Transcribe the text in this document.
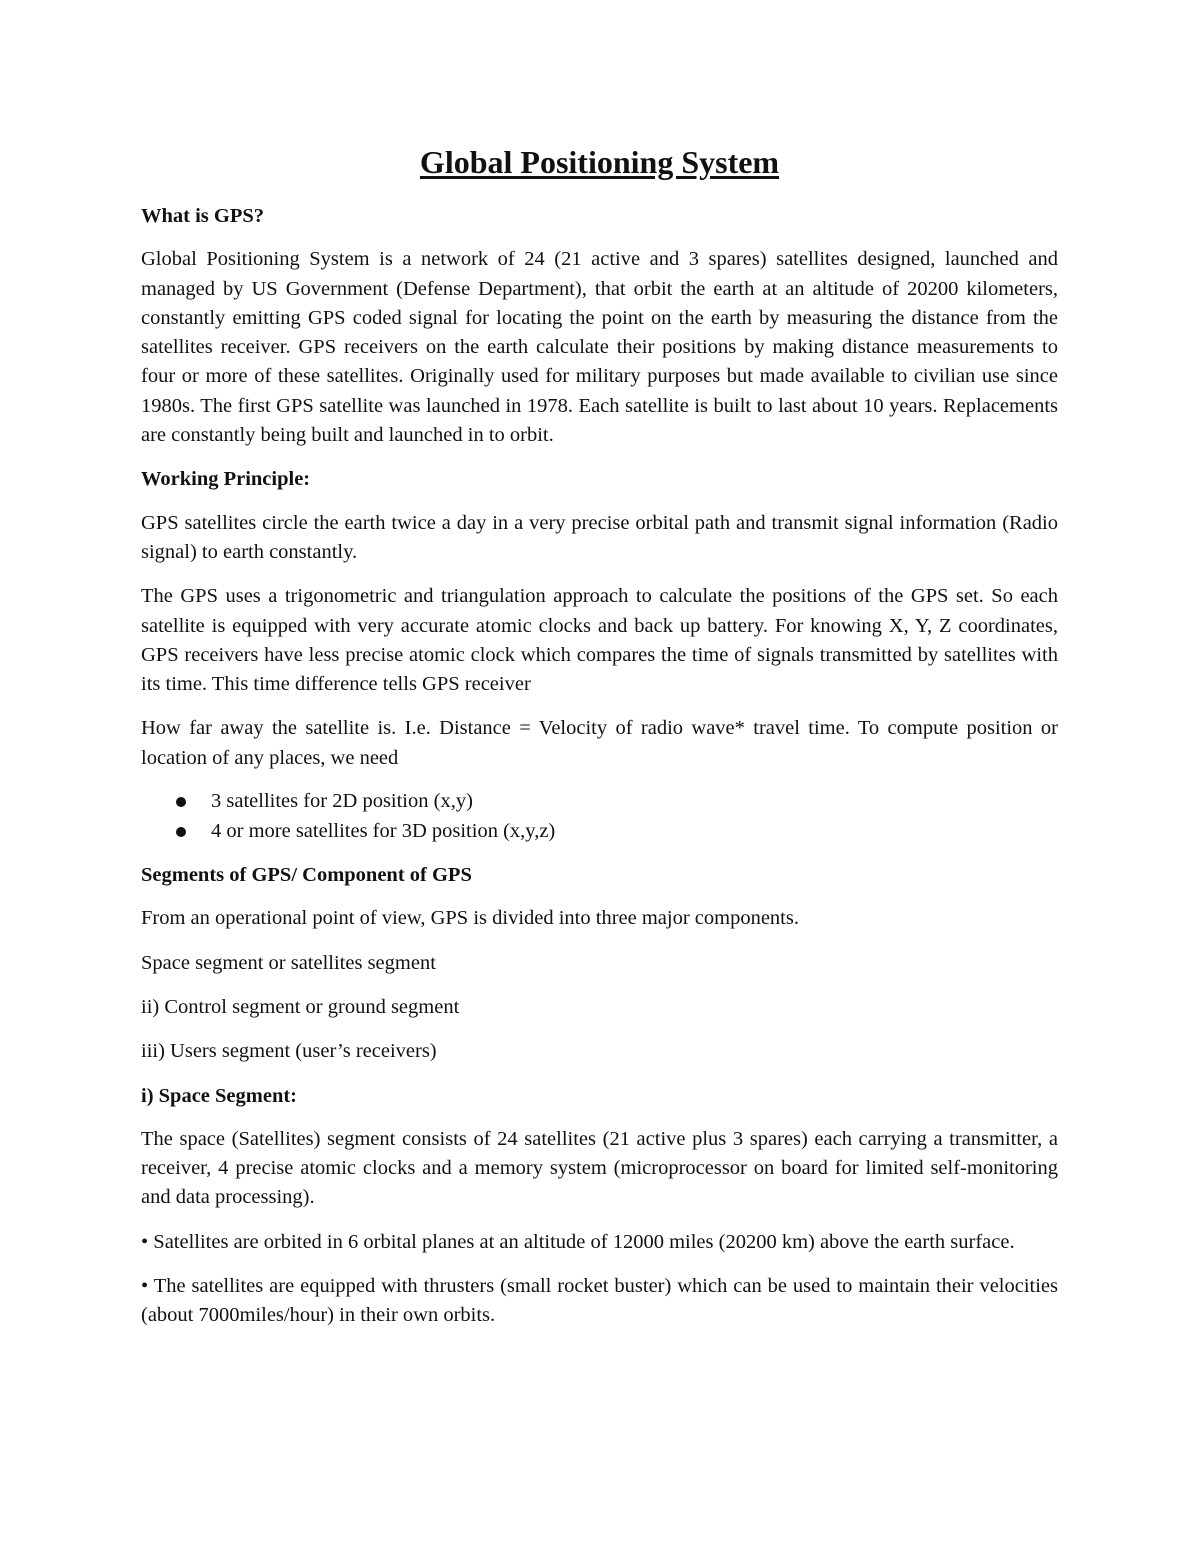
Global Positioning System
What is GPS?

Global Positioning System is a network of 24 (21 active and 3 spares) satellites designed, launched and managed by US Government (Defense Department), that orbit the earth at an altitude of 20200 kilometers, constantly emitting GPS coded signal for locating the point on the earth by measuring the distance from the satellites receiver. GPS receivers on the earth calculate their positions by making distance measurements to four or more of these satellites. Originally used for military purposes but made available to civilian use since 1980s. The first GPS satellite was launched in 1978. Each satellite is built to last about 10 years. Replacements are constantly being built and launched in to orbit.

Working Principle:

GPS satellites circle the earth twice a day in a very precise orbital path and transmit signal information (Radio signal) to earth constantly.

The GPS uses a trigonometric and triangulation approach to calculate the positions of the GPS set. So each satellite is equipped with very accurate atomic clocks and back up battery. For knowing X, Y, Z coordinates, GPS receivers have less precise atomic clock which compares the time of signals transmitted by satellites with its time. This time difference tells GPS receiver

How far away the satellite is. I.e. Distance = Velocity of radio wave* travel time. To compute position or location of any places, we need

3 satellites for 2D position (x,y)
4 or more satellites for 3D position (x,y,z)
Segments of GPS/ Component of GPS

From an operational point of view, GPS is divided into three major components.

Space segment or satellites segment

ii) Control segment or ground segment

iii) Users segment (user’s receivers)

i) Space Segment:

The space (Satellites) segment consists of 24 satellites (21 active plus 3 spares) each carrying a transmitter, a receiver, 4 precise atomic clocks and a memory system (microprocessor on board for limited self-monitoring and data processing).

• Satellites are orbited in 6 orbital planes at an altitude of 12000 miles (20200 km) above the earth surface.

• The satellites are equipped with thrusters (small rocket buster) which can be used to maintain their velocities (about 7000miles/hour) in their own orbits.
